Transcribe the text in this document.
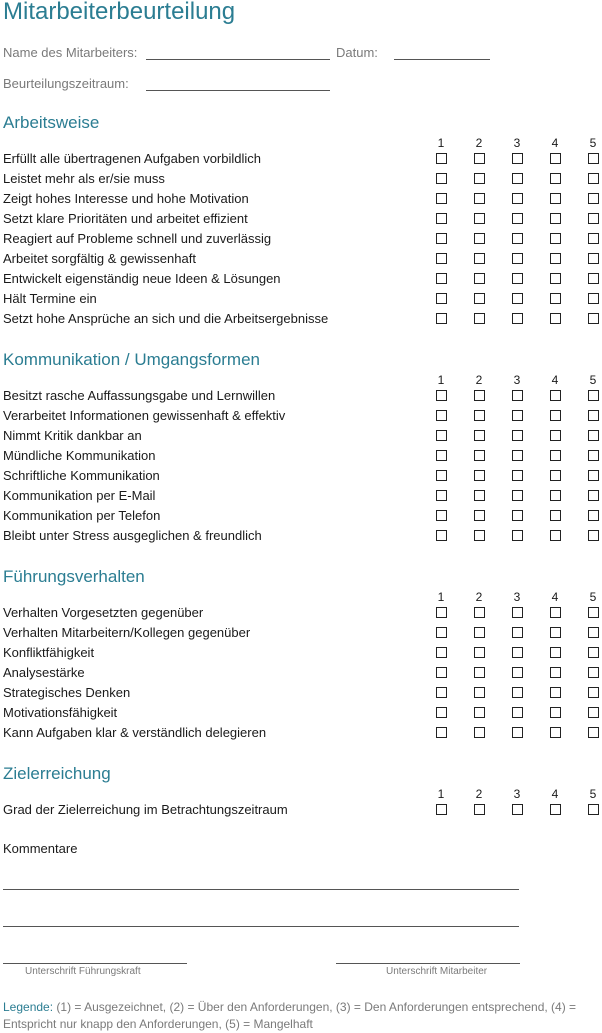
Mitarbeiterbeurteilung
Name des Mitarbeiters:	Datum:
Beurteilungszeitraum:
Arbeitsweise
1	2	3	4	5
Erfüllt alle übertragenen Aufgaben vorbildlich
Leistet mehr als er/sie muss
Zeigt hohes Interesse und hohe Motivation
Setzt klare Prioritäten und arbeitet effizient
Reagiert auf Probleme schnell und zuverlässig
Arbeitet sorgfältig & gewissenhaft
Entwickelt eigenständig neue Ideen & Lösungen
Hält Termine ein
Setzt hohe Ansprüche an sich und die Arbeitsergebnisse
Kommunikation / Umgangsformen
1	2	3	4	5
Besitzt rasche Auffassungsgabe und Lernwillen
Verarbeitet Informationen gewissenhaft & effektiv
Nimmt Kritik dankbar an
Mündliche Kommunikation
Schriftliche Kommunikation
Kommunikation per E-Mail
Kommunikation per Telefon
Bleibt unter Stress ausgeglichen & freundlich
Führungsverhalten
1	2	3	4	5
Verhalten Vorgesetzten gegenüber
Verhalten Mitarbeitern/Kollegen gegenüber
Konfliktfähigkeit
Analysestärke
Strategisches Denken
Motivationsfähigkeit
Kann Aufgaben klar & verständlich delegieren
Zielerreichung
1	2	3	4	5
Grad der Zielerreichung im Betrachtungszeitraum
Kommentare
Unterschrift Führungskraft	Unterschrift Mitarbeiter
Legende: (1) = Ausgezeichnet, (2) = Über den Anforderungen, (3) = Den Anforderungen entsprechend, (4) = Entspricht nur knapp den Anforderungen, (5) = Mangelhaft
